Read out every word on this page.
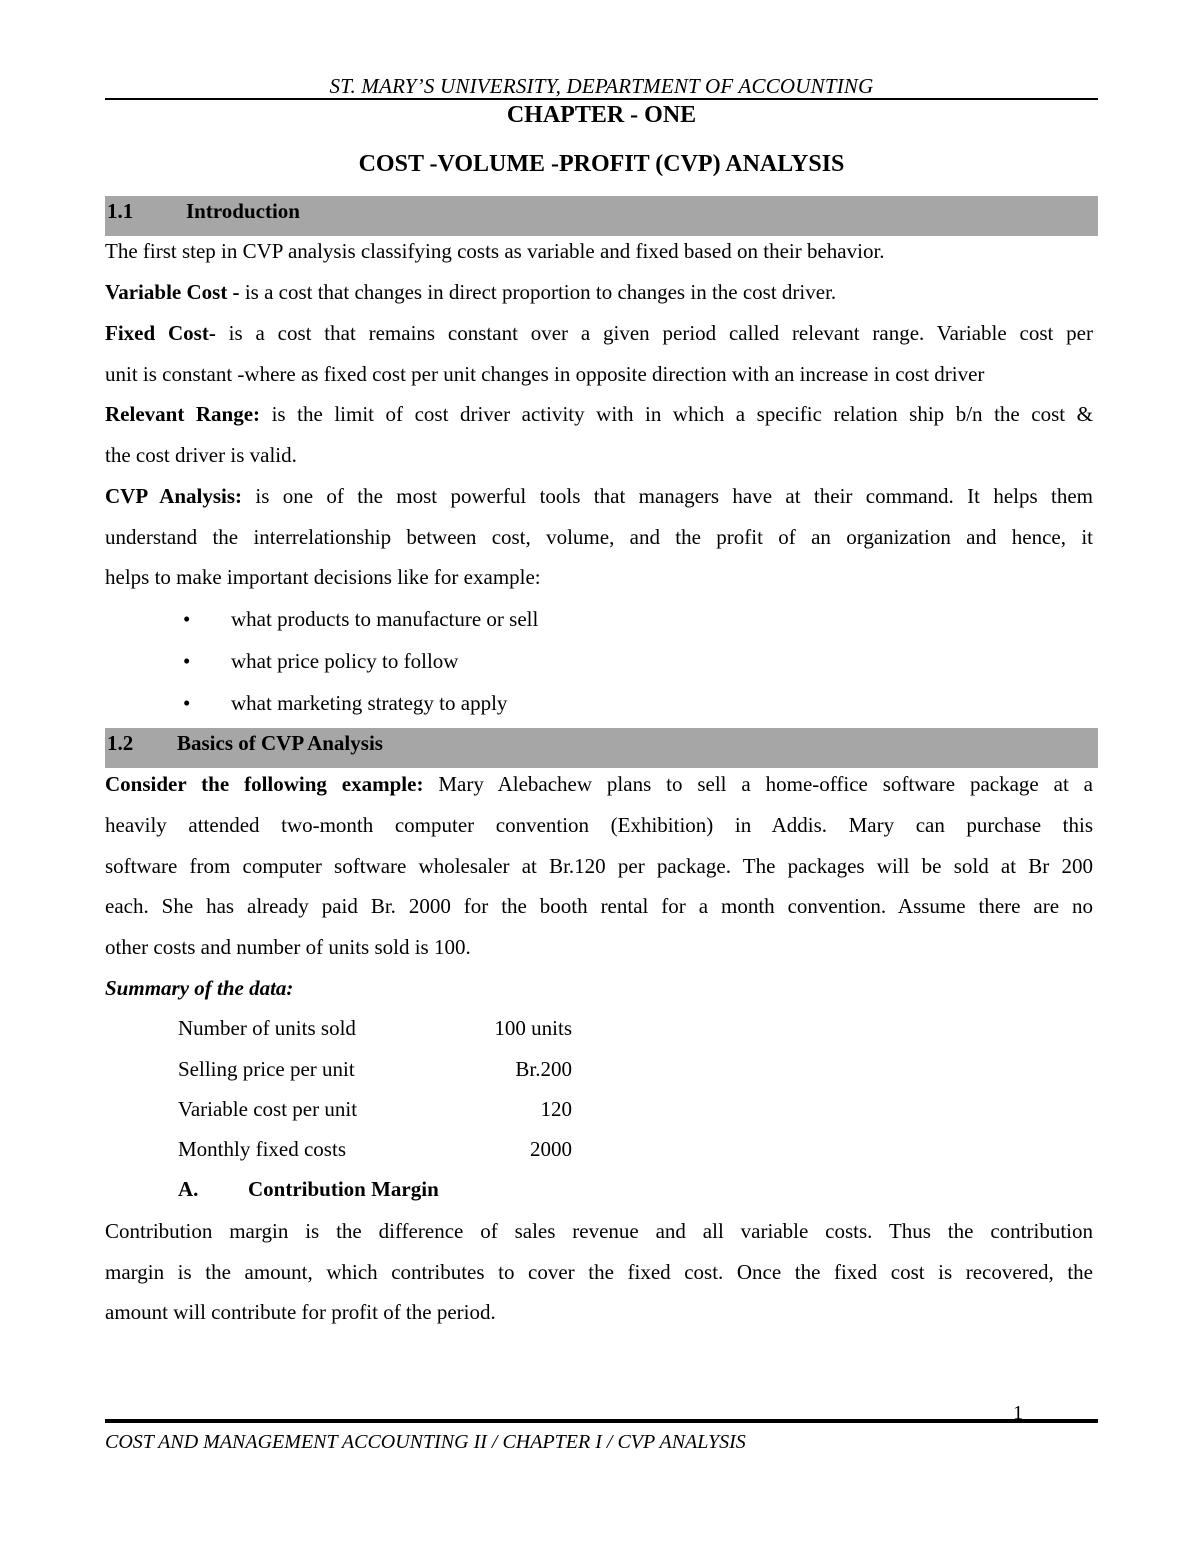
ST. MARY’S UNIVERSITY, DEPARTMENT OF ACCOUNTING
CHAPTER - ONE
COST -VOLUME -PROFIT (CVP) ANALYSIS
1.1	Introduction
The first step in CVP analysis classifying costs as variable and fixed based on their behavior.
Variable Cost - is a cost that changes in direct proportion to changes in the cost driver.
Fixed Cost- is a cost that remains constant over a given period called relevant range. Variable cost per
unit is constant -where as fixed cost per unit changes in opposite direction with an increase in cost driver
Relevant Range: is the limit of cost driver activity with in which a specific relation ship b/n the cost &
the cost driver is valid.
CVP Analysis: is one of the most powerful tools that managers have at their command. It helps them
understand the interrelationship between cost, volume, and the profit of an organization and hence, it
helps to make important decisions like for example:
• what products to manufacture or sell
• what price policy to follow
• what marketing strategy to apply
1.2 Basics of CVP Analysis
Consider the following example: Mary Alebachew plans to sell a home-office software package at a
heavily attended two-month computer convention (Exhibition) in Addis. Mary can purchase this
software from computer software wholesaler at Br.120 per package. The packages will be sold at Br 200
each. She has already paid Br. 2000 for the booth rental for a month convention. Assume there are no
other costs and number of units sold is 100.
Summary of the data:
Number of units sold	100 units
Selling price per unit	Br.200
Variable cost per unit	120
Monthly fixed costs	2000
A. Contribution Margin
Contribution margin is the difference of sales revenue and all variable costs. Thus the contribution
margin is the amount, which contributes to cover the fixed cost. Once the fixed cost is recovered, the
amount will contribute for profit of the period.
1
COST AND MANAGEMENT ACCOUNTING II / CHAPTER I / CVP ANALYSIS
